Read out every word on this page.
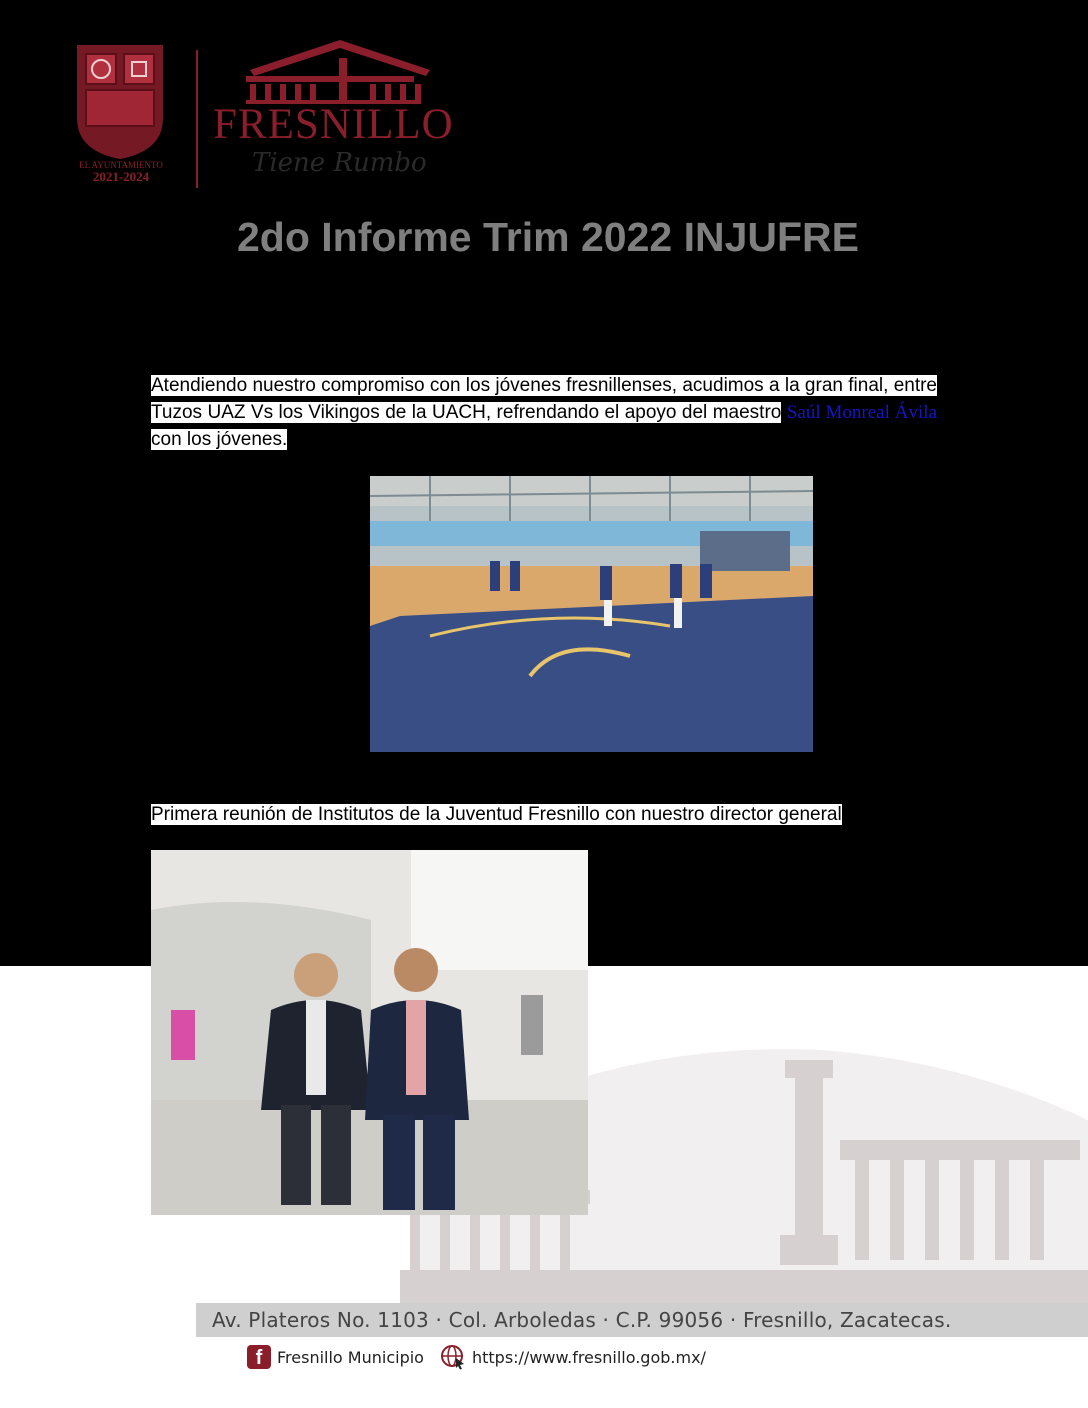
EL AYUNTAMIENTO
2021-2024
FRESNILLO
Tiene Rumbo
2do Informe Trim 2022 INJUFRE
Atendiendo nuestro compromiso con los jóvenes fresnillenses, acudimos a la gran final, entre Tuzos UAZ Vs los Vikingos de la UACH, refrendando el apoyo del maestro Saúl Monreal Ávila con los jóvenes.
Primera reunión de Institutos de la Juventud Fresnillo con nuestro director general
Av. Plateros No. 1103 · Col. Arboledas · C.P. 99056 · Fresnillo, Zacatecas.
f Fresnillo Municipio	https://www.fresnillo.gob.mx/
